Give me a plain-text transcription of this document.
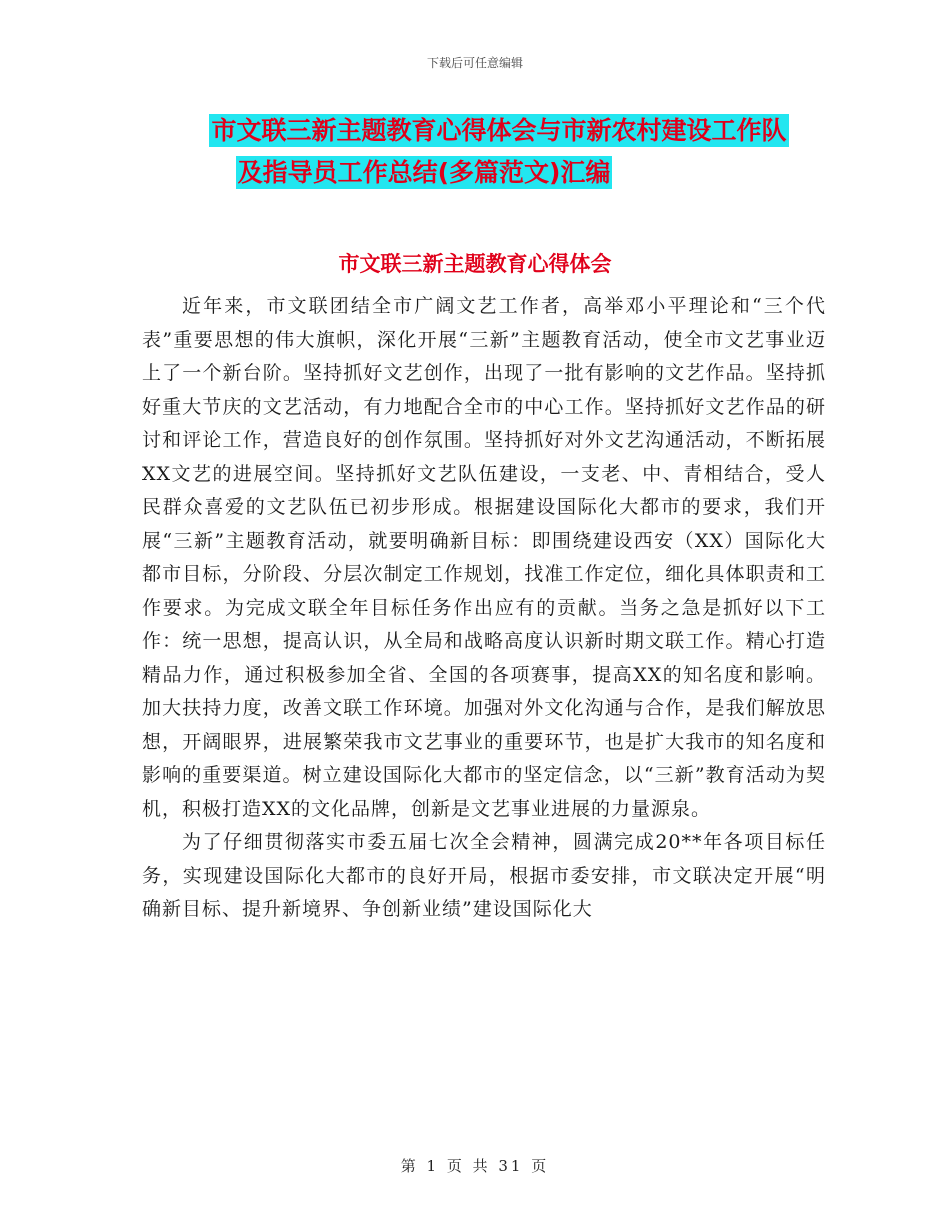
下载后可任意编辑
市文联三新主题教育心得体会与市新农村建设工作队
及指导员工作总结(多篇范文)汇编
市文联三新主题教育心得体会

近年来，市文联团结全市广阔文艺工作者，高举邓小平理论和“三个代表”重要思想的伟大旗帜，深化开展“三新”主题教育活动，使全市文艺事业迈上了一个新台阶。坚持抓好文艺创作，出现了一批有影响的文艺作品。坚持抓好重大节庆的文艺活动，有力地配合全市的中心工作。坚持抓好文艺作品的研讨和评论工作，营造良好的创作氛围。坚持抓好对外文艺沟通活动，不断拓展XX文艺的进展空间。坚持抓好文艺队伍建设，一支老、中、青相结合，受人民群众喜爱的文艺队伍已初步形成。根据建设国际化大都市的要求，我们开展“三新”主题教育活动，就要明确新目标：即围绕建设西安（XX）国际化大都市目标，分阶段、分层次制定工作规划，找准工作定位，细化具体职责和工作要求。为完成文联全年目标任务作出应有的贡献。当务之急是抓好以下工作：统一思想，提高认识，从全局和战略高度认识新时期文联工作。精心打造精品力作，通过积极参加全省、全国的各项赛事，提高XX的知名度和影响。加大扶持力度，改善文联工作环境。加强对外文化沟通与合作，是我们解放思想，开阔眼界，进展繁荣我市文艺事业的重要环节，也是扩大我市的知名度和影响的重要渠道。树立建设国际化大都市的坚定信念，以“三新”教育活动为契机，积极打造XX的文化品牌，创新是文艺事业进展的力量源泉。

为了仔细贯彻落实市委五届七次全会精神，圆满完成20**年各项目标任务，实现建设国际化大都市的良好开局，根据市委安排，市文联决定开展“明确新目标、提升新境界、争创新业绩”建设国际化大

第 1 页 共 31 页
